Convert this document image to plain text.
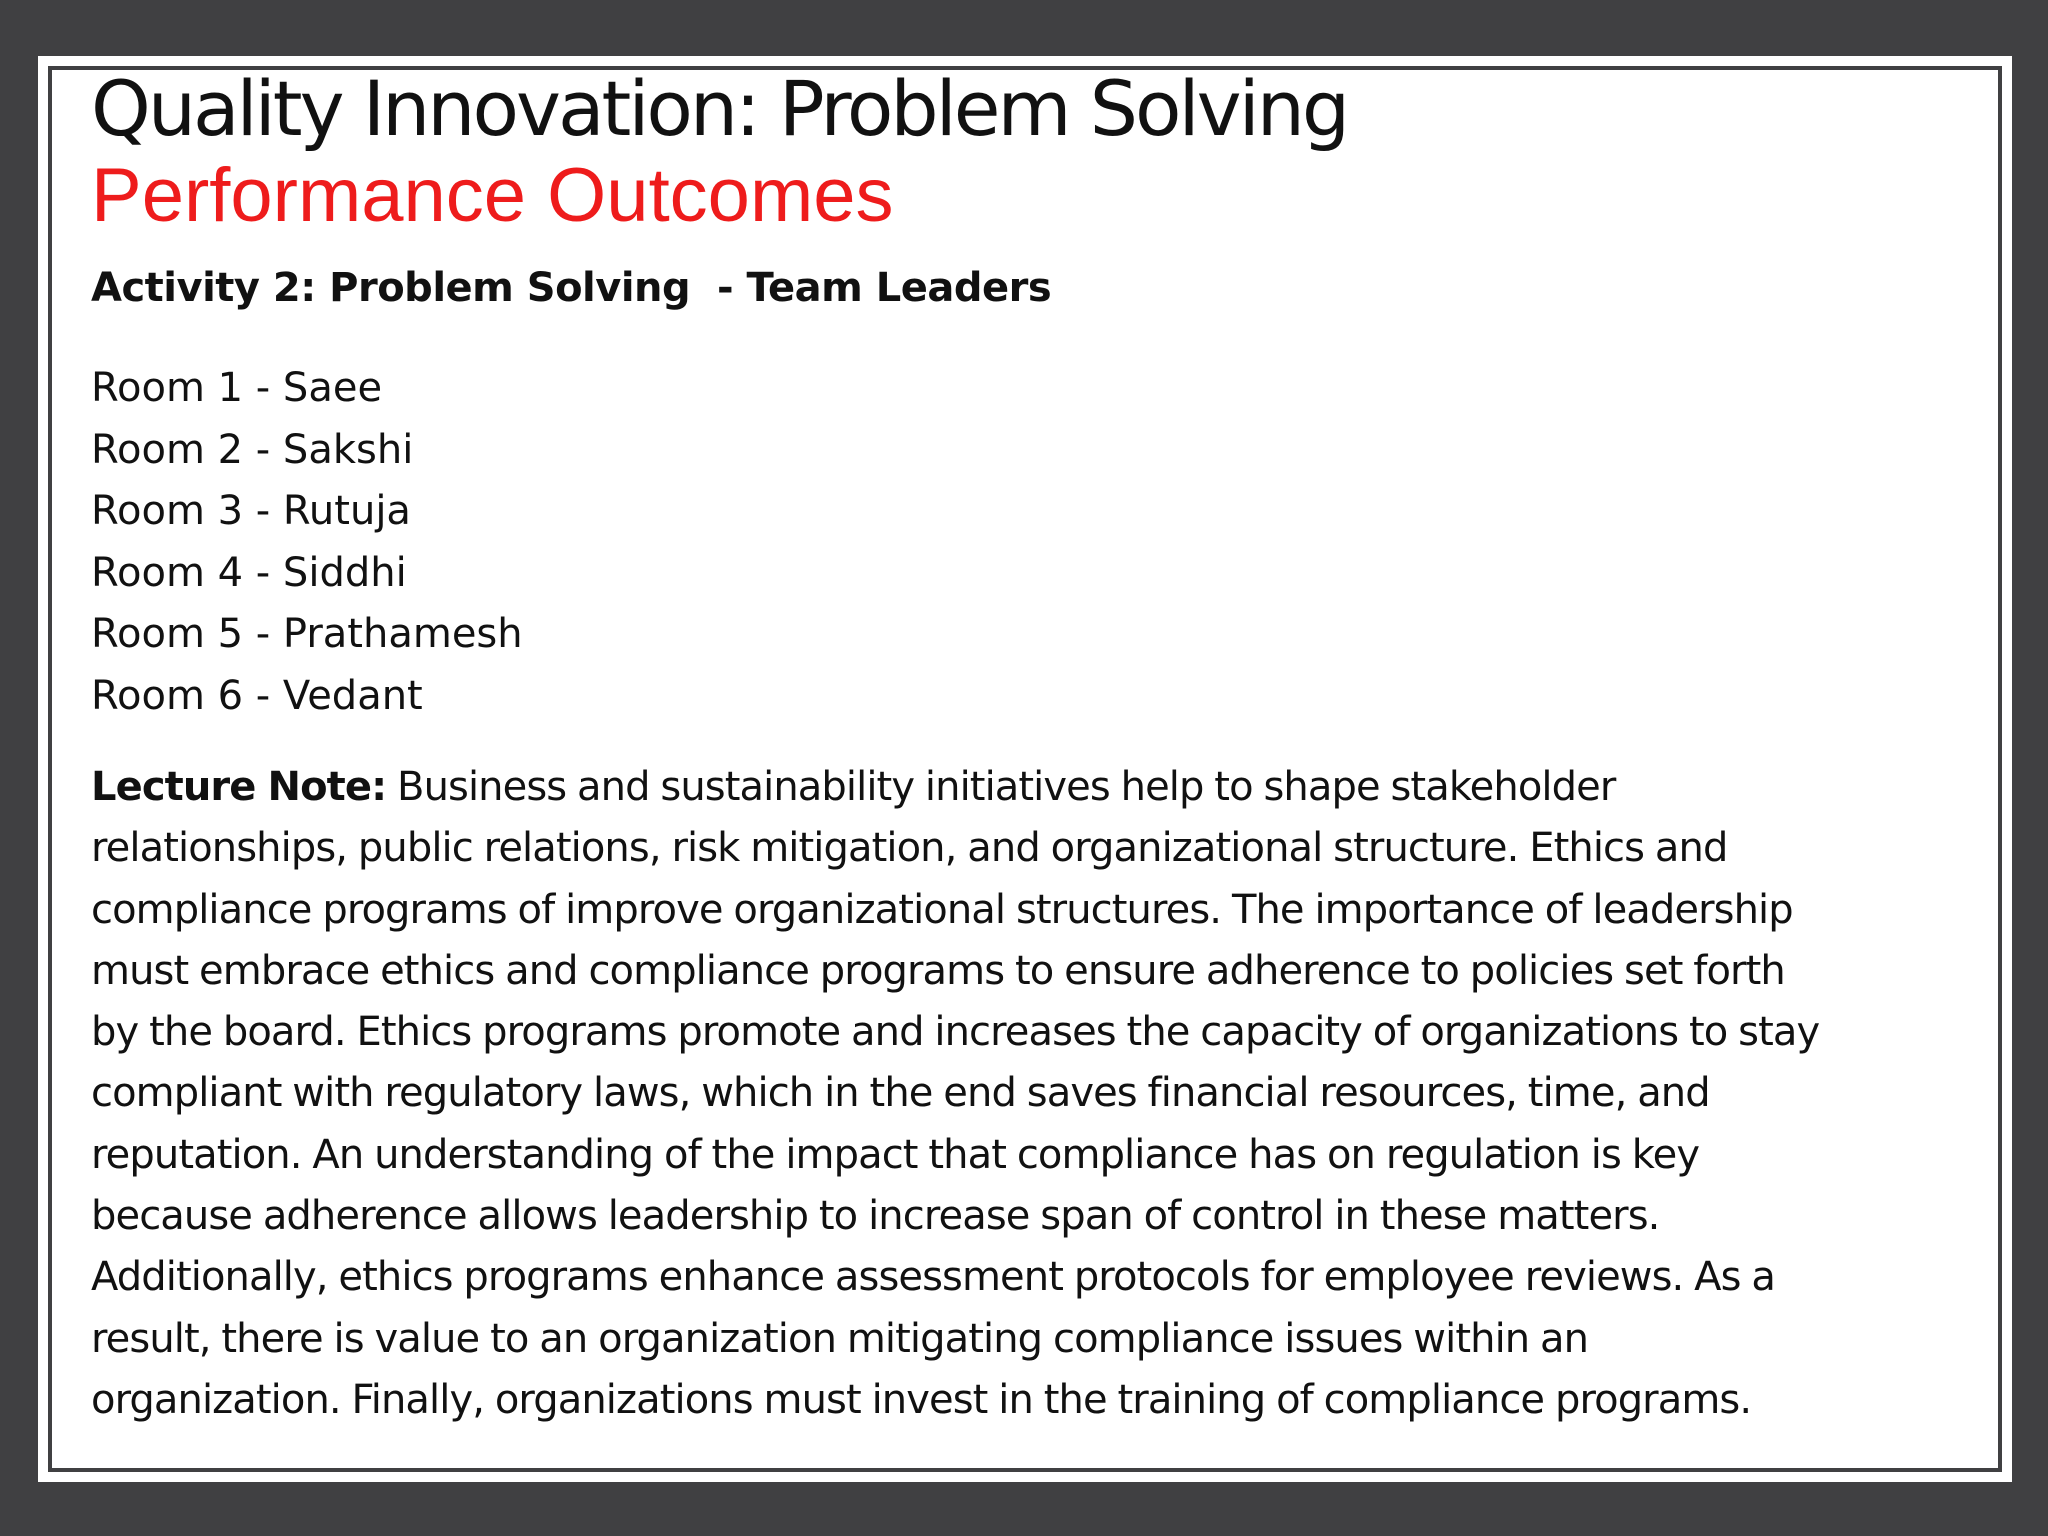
Quality Innovation: Problem Solving
Performance Outcomes
Activity 2: Problem Solving  - Team Leaders
Room 1 - Saee
Room 2 - Sakshi
Room 3 - Rutuja
Room 4 - Siddhi
Room 5 - Prathamesh
Room 6 - Vedant
Lecture Note: Business and sustainability initiatives help to shape stakeholder
relationships, public relations, risk mitigation, and organizational structure. Ethics and
compliance programs of improve organizational structures. The importance of leadership
must embrace ethics and compliance programs to ensure adherence to policies set forth
by the board. Ethics programs promote and increases the capacity of organizations to stay
compliant with regulatory laws, which in the end saves financial resources, time, and
reputation. An understanding of the impact that compliance has on regulation is key
because adherence allows leadership to increase span of control in these matters.
Additionally, ethics programs enhance assessment protocols for employee reviews. As a
result, there is value to an organization mitigating compliance issues within an
organization. Finally, organizations must invest in the training of compliance programs.
